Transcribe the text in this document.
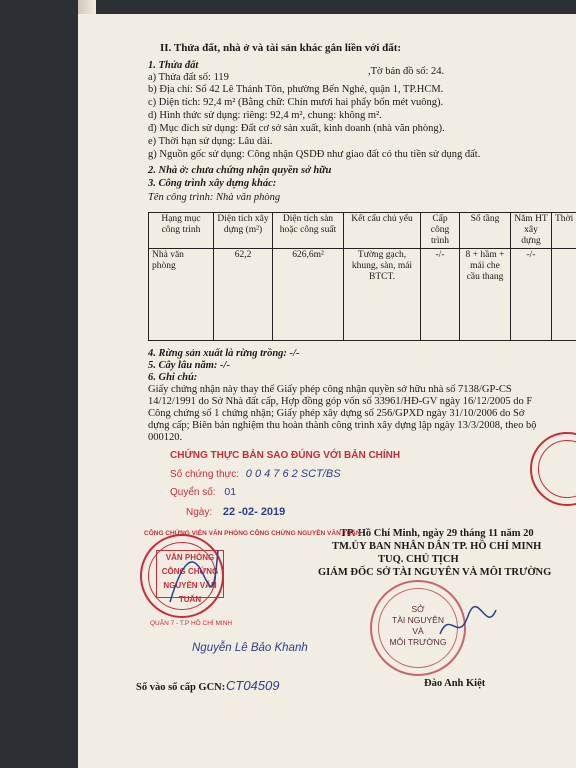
II. Thửa đất, nhà ở và tài sản khác gắn liền với đất:
1. Thửa đất
a) Thửa đất số: 119
,Tờ bản đồ số: 24.
b) Địa chỉ: Số 42 Lê Thánh Tôn, phường Bến Nghé, quận 1, TP.HCM.
c) Diện tích: 92,4 m² (Bằng chữ: Chín mươi hai phẩy bốn mét vuông).
d) Hình thức sử dụng: riêng: 92,4 m², chung: không m².
đ) Mục đích sử dụng: Đất cơ sở sản xuất, kinh doanh (nhà văn phòng).
e) Thời hạn sử dụng: Lâu dài.
g) Nguồn gốc sử dụng: Công nhận QSDĐ như giao đất có thu tiền sử dụng đất.
2. Nhà ở: chưa chứng nhận quyền sở hữu
3. Công trình xây dựng khác:
Tên công trình: Nhà văn phòng
Hạng mục công trình	Diện tích xây dựng (m²)	Diện tích sàn hoặc công suất	Kết cấu chủ yếu	Cấp công trình	Số tầng	Năm HT xây dựng	Thời
Nhà văn phòng	62,2	626,6m²	Tường gạch, khung, sàn, mái BTCT.	-/-	8 + hầm + mái che cầu thang	-/-	
4. Rừng sản xuất là rừng trồng: -/-
5. Cây lâu năm: -/-
6. Ghi chú:
Giấy chứng nhận này thay thế Giấy phép công nhận quyền sở hữu nhà số 7138/GP-CS
14/12/1991 do Sở Nhà đất cấp, Hợp đồng góp vốn số 33961/HĐ-GV ngày 16/12/2005 do F
Công chứng số 1 chứng nhận; Giấy phép xây dựng số 256/GPXD ngày 31/10/2006 do Sở
dựng cấp; Biên bản nghiệm thu hoàn thành công trình xây dựng lập ngày 13/3/2008, theo bộ
000120.
CHỨNG THỰC BẢN SAO ĐÚNG VỚI BẢN CHÍNH
Số chứng thực: 0 0 4 7 6 2 SCT/BS
Quyển số: 01
Ngày: 22 -02- 2019
TP. Hồ Chí Minh, ngày 29 tháng 11 năm 20
TM.ỦY BAN NHÂN DÂN TP. HỒ CHÍ MINH
TUQ. CHỦ TỊCH
GIÁM ĐỐC SỞ TÀI NGUYÊN VÀ MÔI TRƯỜNG
CÔNG CHỨNG VIÊN VĂN PHÒNG CÔNG CHỨNG NGUYỄN VĂN TUẤN
VĂN PHÒNG
CÔNG CHỨNG
NGUYỄN VĂN TUẤN
QUẬN 7 - T.P HỒ CHÍ MINH
Nguyễn Lê Bảo Khanh
SỞ
TÀI NGUYÊN
VÀ
MÔI TRƯỜNG
Đào Anh Kiệt
Số vào sổ cấp GCN: CT04509
